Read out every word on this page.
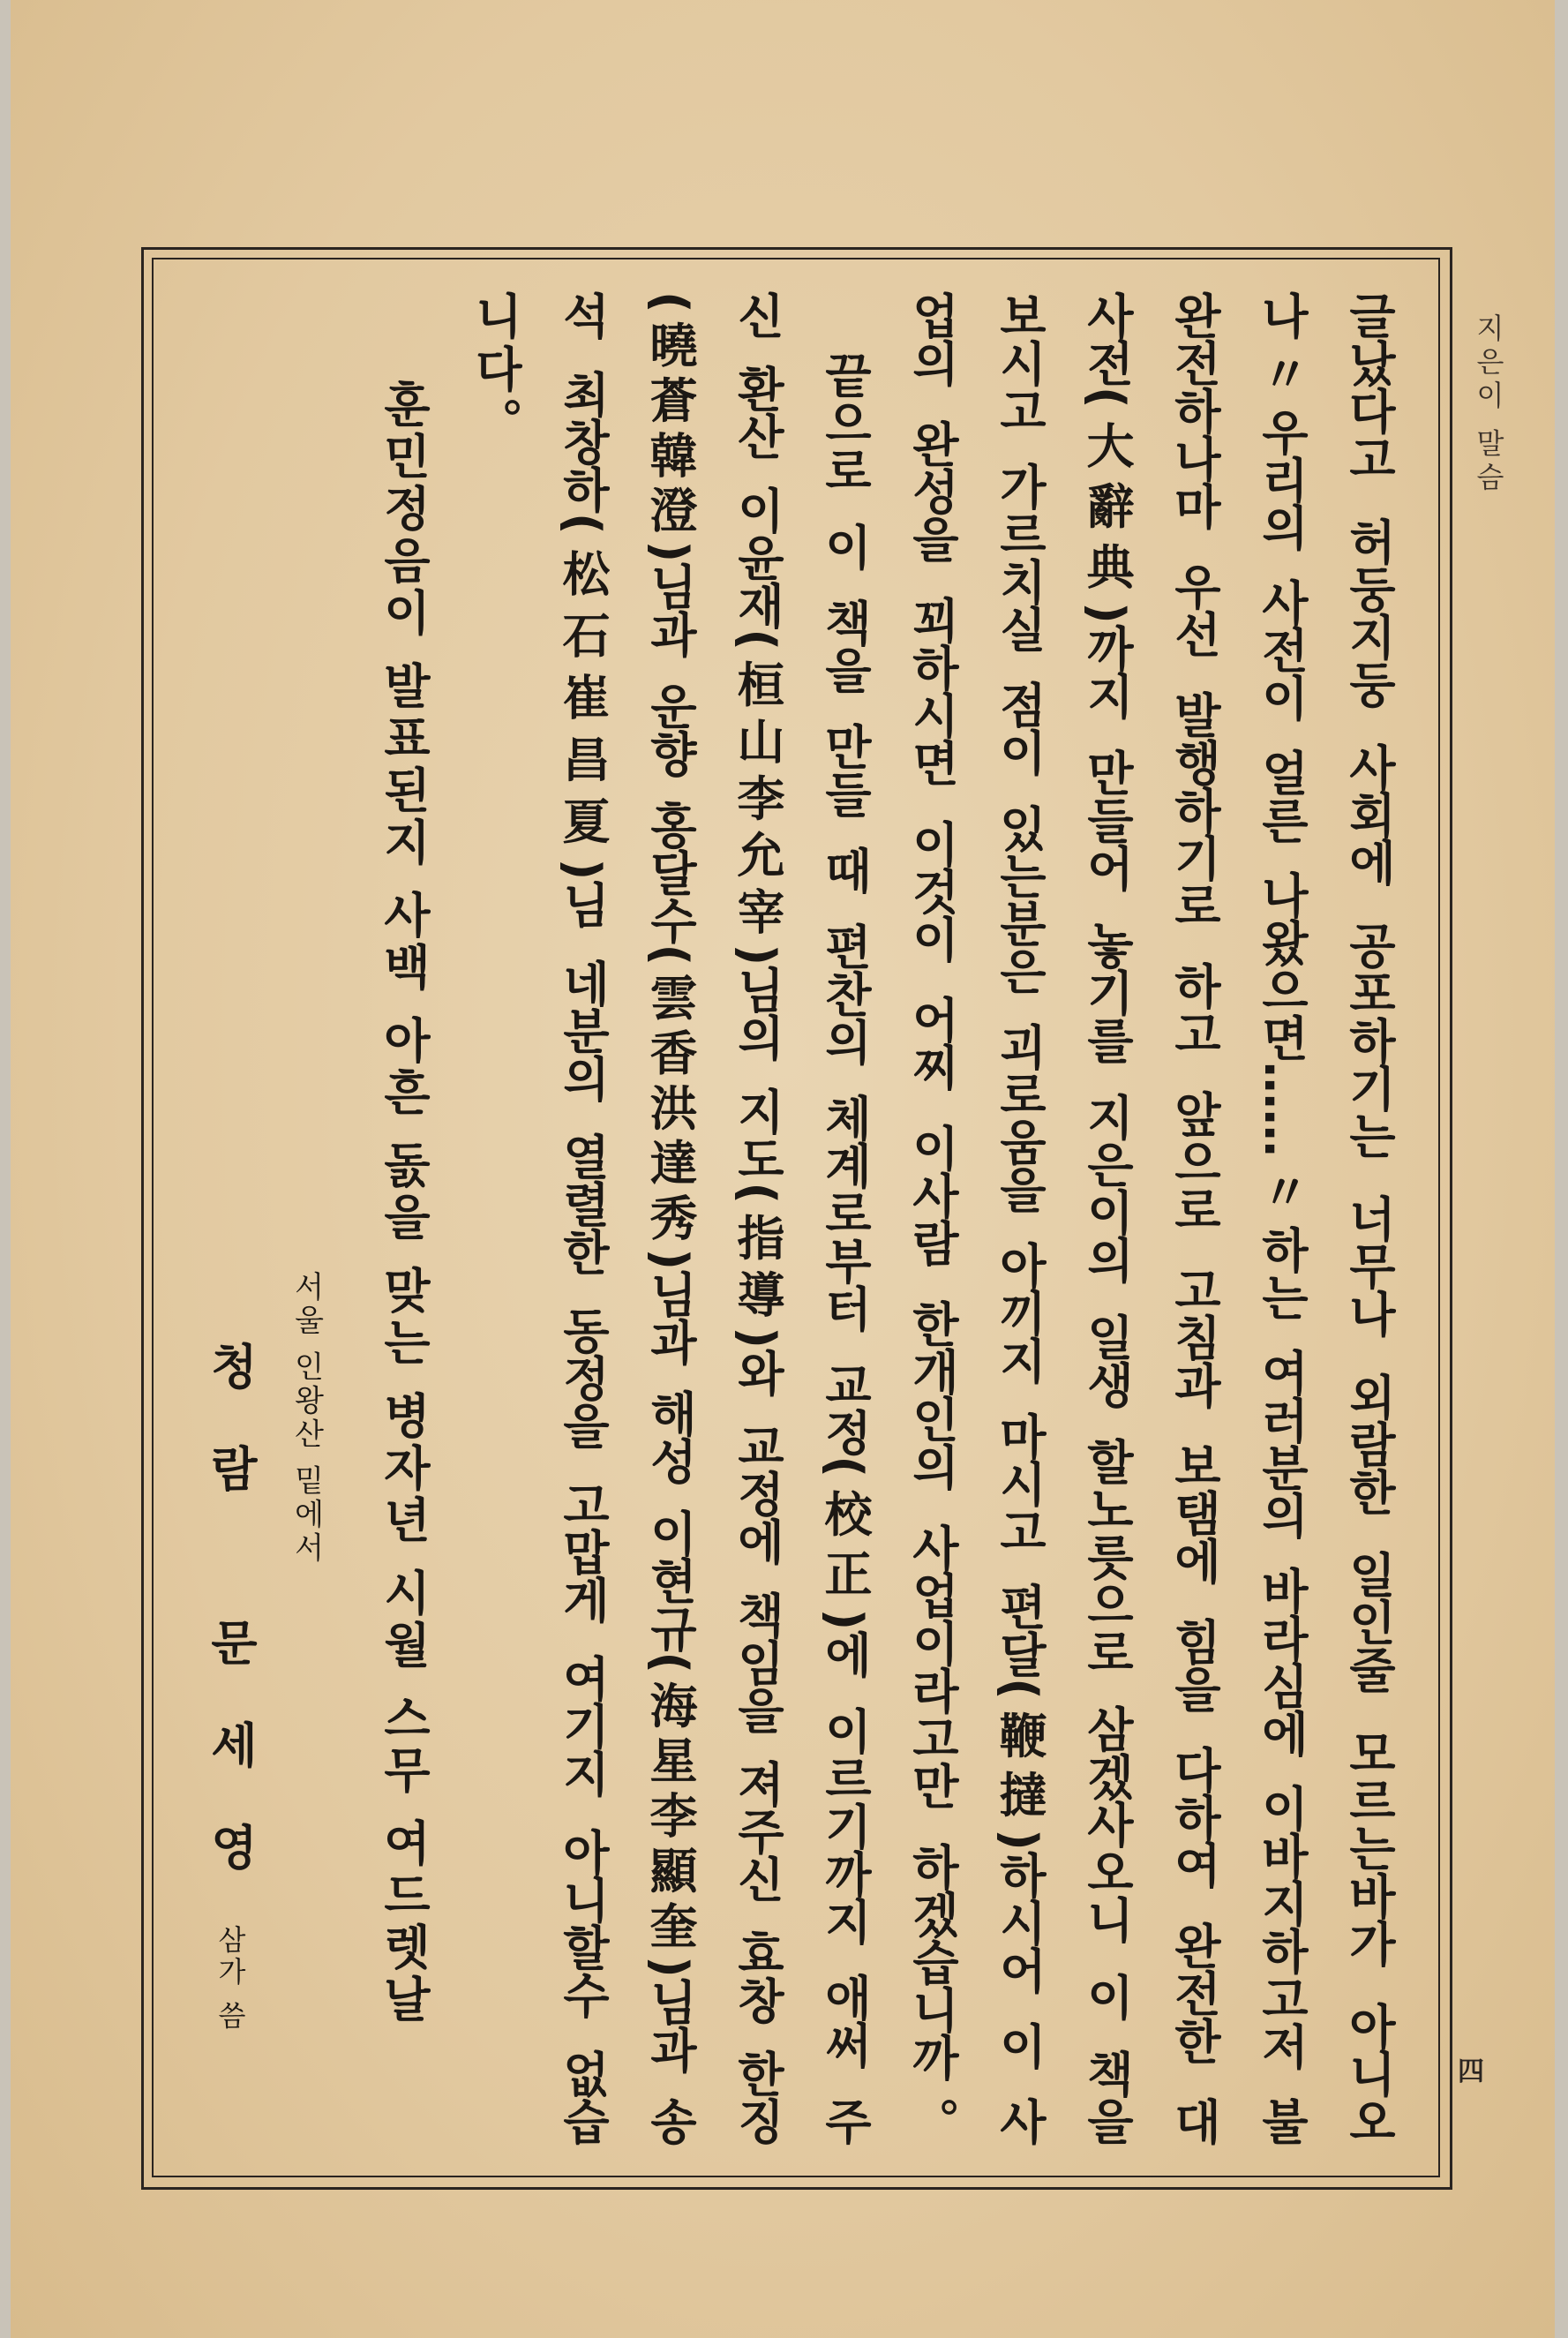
지은이 말슴
四
글났다고 허둥지둥 사회에 공포하기는 너무나 외람한 일인줄 모르는바가 아니오
나〃우리의 사전이 얼른 나왔으면……〃하는 여러분의 바라심에 이바지하고저 불
완전하나마 우선 발행하기로 하고 앞으로 고침과 보탬에 힘을 다하여 완전한 대
사전(大辭典)까지 만들어 놓기를 지은이의 일생 할노릇으로 삼겠사오니 이 책을
보시고 가르치실 점이 있는분은 괴로움을 아끼지 마시고 편달(鞭撻)하시어 이 사
업의 완성을 꾀하시면 이것이 어찌 이사람 한개인의 사업이라고만 하겠습니까。
　끝으로 이 책을 만들 때 편찬의 체계로부터 교정(校正)에 이르기까지 애써 주
신 환산 이윤재(桓山李允宰)님의 지도(指導)와 교정에 책임을 져주신 효창 한징
(曉蒼韓澄)님과 운향 홍달수(雲香洪達秀)님과 해성 이현규(海星李顯奎)님과 송
석 최창하(松石崔昌夏)님 네분의 열렬한 동정을 고맙게 여기지 아니할수 없습
니다。
훈민정음이 발표된지 사백 아흔 돐을 맞는 병자년 시월 스무 여드렛날
서울 인왕산 밑에서
청람 문세영삼가 씀
